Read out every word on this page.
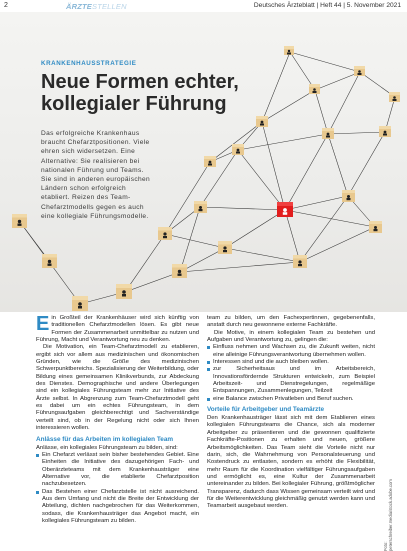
2	ÄRZTESTELLEN	Deutsches Ärzteblatt | Heft 44 | 5. November 2021
KRANKENHAUSSTRATEGIE
Neue Formen echter, kollegialer Führung
Das erfolgreiche Krankenhaus braucht Chefarztpositionen. Viele ehren sich widersetzen. Eine Alternative: Sie realisieren bei nationalen Führung und Teams. Sie sind in anderen europäischen Ländern schon erfolgreich etabliert. Reizen des Team-Chefarztmodells gegen es auch eine kollegiale Führungsmodelle.

Ein Großteil der Krankenhäuser wird sich künftig von traditionellen Chefarztmodellen lösen. Es gibt neue Formen der Zusammenarbeit unmittelbar zu nutzen und Führung, Macht und Verantwortung neu zu denken.

Die Motivation, ein Team-Chefarztmodell zu etablieren, ergibt sich vor allem aus medizinischen und ökonomischen Gründen, wie die Größe des medizinischen Schwerpunktbereichs. Spezialisierung der Weiterbildung, oder Bildung eines gemeinsamen Klinikverbunds, zur Abdeckung des Dienstes. Demographische und andere Überlegungen sind ein kollegiales Führungsteam mehr zur Initiative des Ärzte selbst. In Abgrenzung zum Team-Chefarztmodell geht es dabei um ein echtes Führungsteam, in dem Führungsaufgaben gleichberechtigt und Sachverständige verteilt sind, ob in der Regelung nicht oder sich Ihnen interessieren wollen.

Anlässe für das Arbeiten im kollegialen Team

Anlässe, ein kollegiales Führungsteam zu bilden, sind:

Ein Chefarzt verlässt sein bisher bestehendes Gebiet. Eine Einheiten die Initiative des dazugehörigen Fach- und Oberärzteteams mit dem Krankenhausträger eine Alternative vor, die etablierte Chefarztposition nachzubesetzen.
Das Bestehen einer Chefarztstelle ist nicht ausreichend. Aus dem Umfang und nicht die Breite der Entwicklung der Abteilung, dichten nachgebrochen für das Weiterkommen, sodass, die Krankenhausträger das Angebot macht, ein kollegiales Führungsteam zu bilden.

team zu bilden, um den Fachexpertinnen, gegebenenfalls, anstatt durch neu gewonnene externe Fachkräfte.

Die Motive, in einem kollegialen Team zu bestehen und Aufgaben und Verantwortung zu, gelingen die:

Einfluss nehmen und Wachsen zu, die Zukunft weiten, nicht eine alleinige Führungsverantwortung übernehmen wollen.
Interessen sind und die auch bleiben wollen.
zur Sicherheitsaus und im Arbeitsbereich, Innovationsfördernde Strukturen entwickeln, zum Beispiel Arbeitszeit- und Dienstregelungen, regelmäßige Entspannungen, Zusammenlegungen, Teilzeit
eine Balance zwischen Privatleben und Beruf suchen.
Vorteile für Arbeitgeber und Teamärzte

Den Krankenhausträger lässt sich mit dem Etablieren eines kollegialen Führungsteams die Chance, sich als moderner Arbeitgeber zu präsentieren und die gewonnen qualifizierte Fachkräfte-Positionen zu erhalten und neuen, größere Arbeitsmöglichkeiten. Das Team sieht die Vorteile nicht nur darin, sich, die Wahrnehmung von Personalsteuerung und Kostendruck zu entlasten, sondern es erhöht die Flexibilität, mehr Raum für die Koordination vielfältiger Führungsaufgaben und ermöglicht es, eine Kultur der Zusammenarbeit untereinander zu bilden. Bei kollegialer Führung, größtmöglicher Transparenz, dadurch dass Wissen gemeinsam verteilt wird und für die Weiterentwicklung gleichmäßig genutzt werden kann und Teamarbeit ausgebaut werden.

Foto: peterschreiber.media/stock.adobe.com
